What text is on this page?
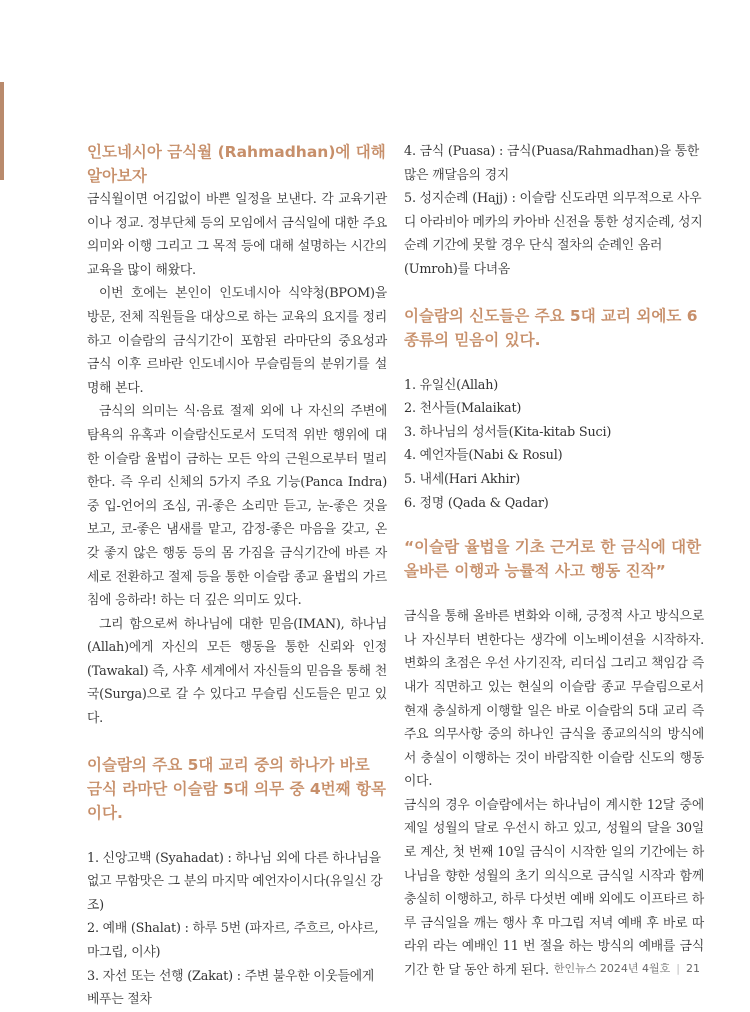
인도네시아 금식월 (Rahmadhan)에 대해 알아보자

금식월이면 어김없이 바쁜 일정을 보낸다. 각 교육기관이나 정교. 정부단체 등의 모임에서 금식일에 대한 주요 의미와 이행 그리고 그 목적 등에 대해 설명하는 시간의 교육을 많이 해왔다.

이번 호에는 본인이 인도네시아 식약청(BPOM)을 방문, 전체 직원들을 대상으로 하는 교육의 요지를 정리하고 이슬람의 금식기간이 포함된 라마단의 중요성과 금식 이후 르바란 인도네시아 무슬림들의 분위기를 설명해 본다.

금식의 의미는 식·음료 절제 외에 나 자신의 주변에 탐욕의 유혹과 이슬람신도로서 도덕적 위반 행위에 대한 이슬람 율법이 금하는 모든 악의 근원으로부터 멀리 한다. 즉 우리 신체의 5가지 주요 기능(Panca Indra) 중 입-언어의 조심, 귀-좋은 소리만 듣고, 눈-좋은 것을 보고, 코-좋은 냄새를 맡고, 감정-좋은 마음을 갖고, 온갖 좋지 않은 행동 등의 몸 가짐을 금식기간에 바른 자세로 전환하고 절제 등을 통한 이슬람 종교 율법의 가르침에 응하라! 하는 더 깊은 의미도 있다.

그리 함으로써 하나님에 대한 믿음(IMAN), 하나님(Allah)에게 자신의 모든 행동을 통한 신뢰와 인정(Tawakal) 즉, 사후 세계에서 자신들의 믿음을 통해 천국(Surga)으로 갈 수 있다고 무슬림 신도들은 믿고 있다.

이슬람의 주요 5대 교리 중의 하나가 바로 금식 라마단 이슬람 5대 의무 중 4번째 항목이다.

1. 신앙고백 (Syahadat) : 하나님 외에 다른 하나님을 없고 무함맛은 그 분의 마지막 예언자이시다(유일신 강조)

2. 예배 (Shalat) : 하루 5번 (파자르, 주흐르, 아샤르, 마그립, 이샤)

3. 자선 또는 선행 (Zakat) : 주변 불우한 이웃들에게 베푸는 절차

4. 금식 (Puasa) : 금식(Puasa/Rahmadhan)을 통한 많은 깨달음의 경지

5. 성지순례 (Hajj) : 이슬람 신도라면 의무적으로 사우디 아라비아 메카의 카아바 신전을 통한 성지순례, 성지순례 기간에 못할 경우 단식 절차의 순례인 옴러(Umroh)를 다녀옴

이슬람의 신도들은 주요 5대 교리 외에도 6 종류의 믿음이 있다.

1. 유일신(Allah)

2. 천사들(Malaikat)

3. 하나님의 성서들(Kita-kitab Suci)

4. 예언자들(Nabi & Rosul)

5. 내세(Hari Akhir)

6. 정명 (Qada & Qadar)

“이슬람 율법을 기초 근거로 한 금식에 대한 올바른 이행과 능률적 사고 행동 진작”

금식을 통해 올바른 변화와 이해, 긍정적 사고 방식으로 나 자신부터 변한다는 생각에 이노베이션을 시작하자. 변화의 초점은 우선 사기진작, 리더십 그리고 책임감 즉 내가 직면하고 있는 현실의 이슬람 종교 무슬림으로서 현재 충실하게 이행할 일은 바로 이슬람의 5대 교리 즉 주요 의무사항 중의 하나인 금식을 종교의식의 방식에서 충실이 이행하는 것이 바람직한 이슬람 신도의 행동이다.

금식의 경우 이슬람에서는 하나님이 계시한 12달 중에 제일 성월의 달로 우선시 하고 있고, 성월의 달을 30일로 계산, 첫 번째 10일 금식이 시작한 일의 기간에는 하나님을 향한 성월의 초기 의식으로 금식일 시작과 함께 충실히 이행하고, 하루 다섯번 예배 외에도 이프타르 하루 금식일을 깨는 행사 후 마그립 저녁 예배 후 바로 따라위 라는 예배인 11 번 절을 하는 방식의 예배를 금식기간 한 달 동안 하게 된다. 한인뉴스 2024년 4월호 | 21
